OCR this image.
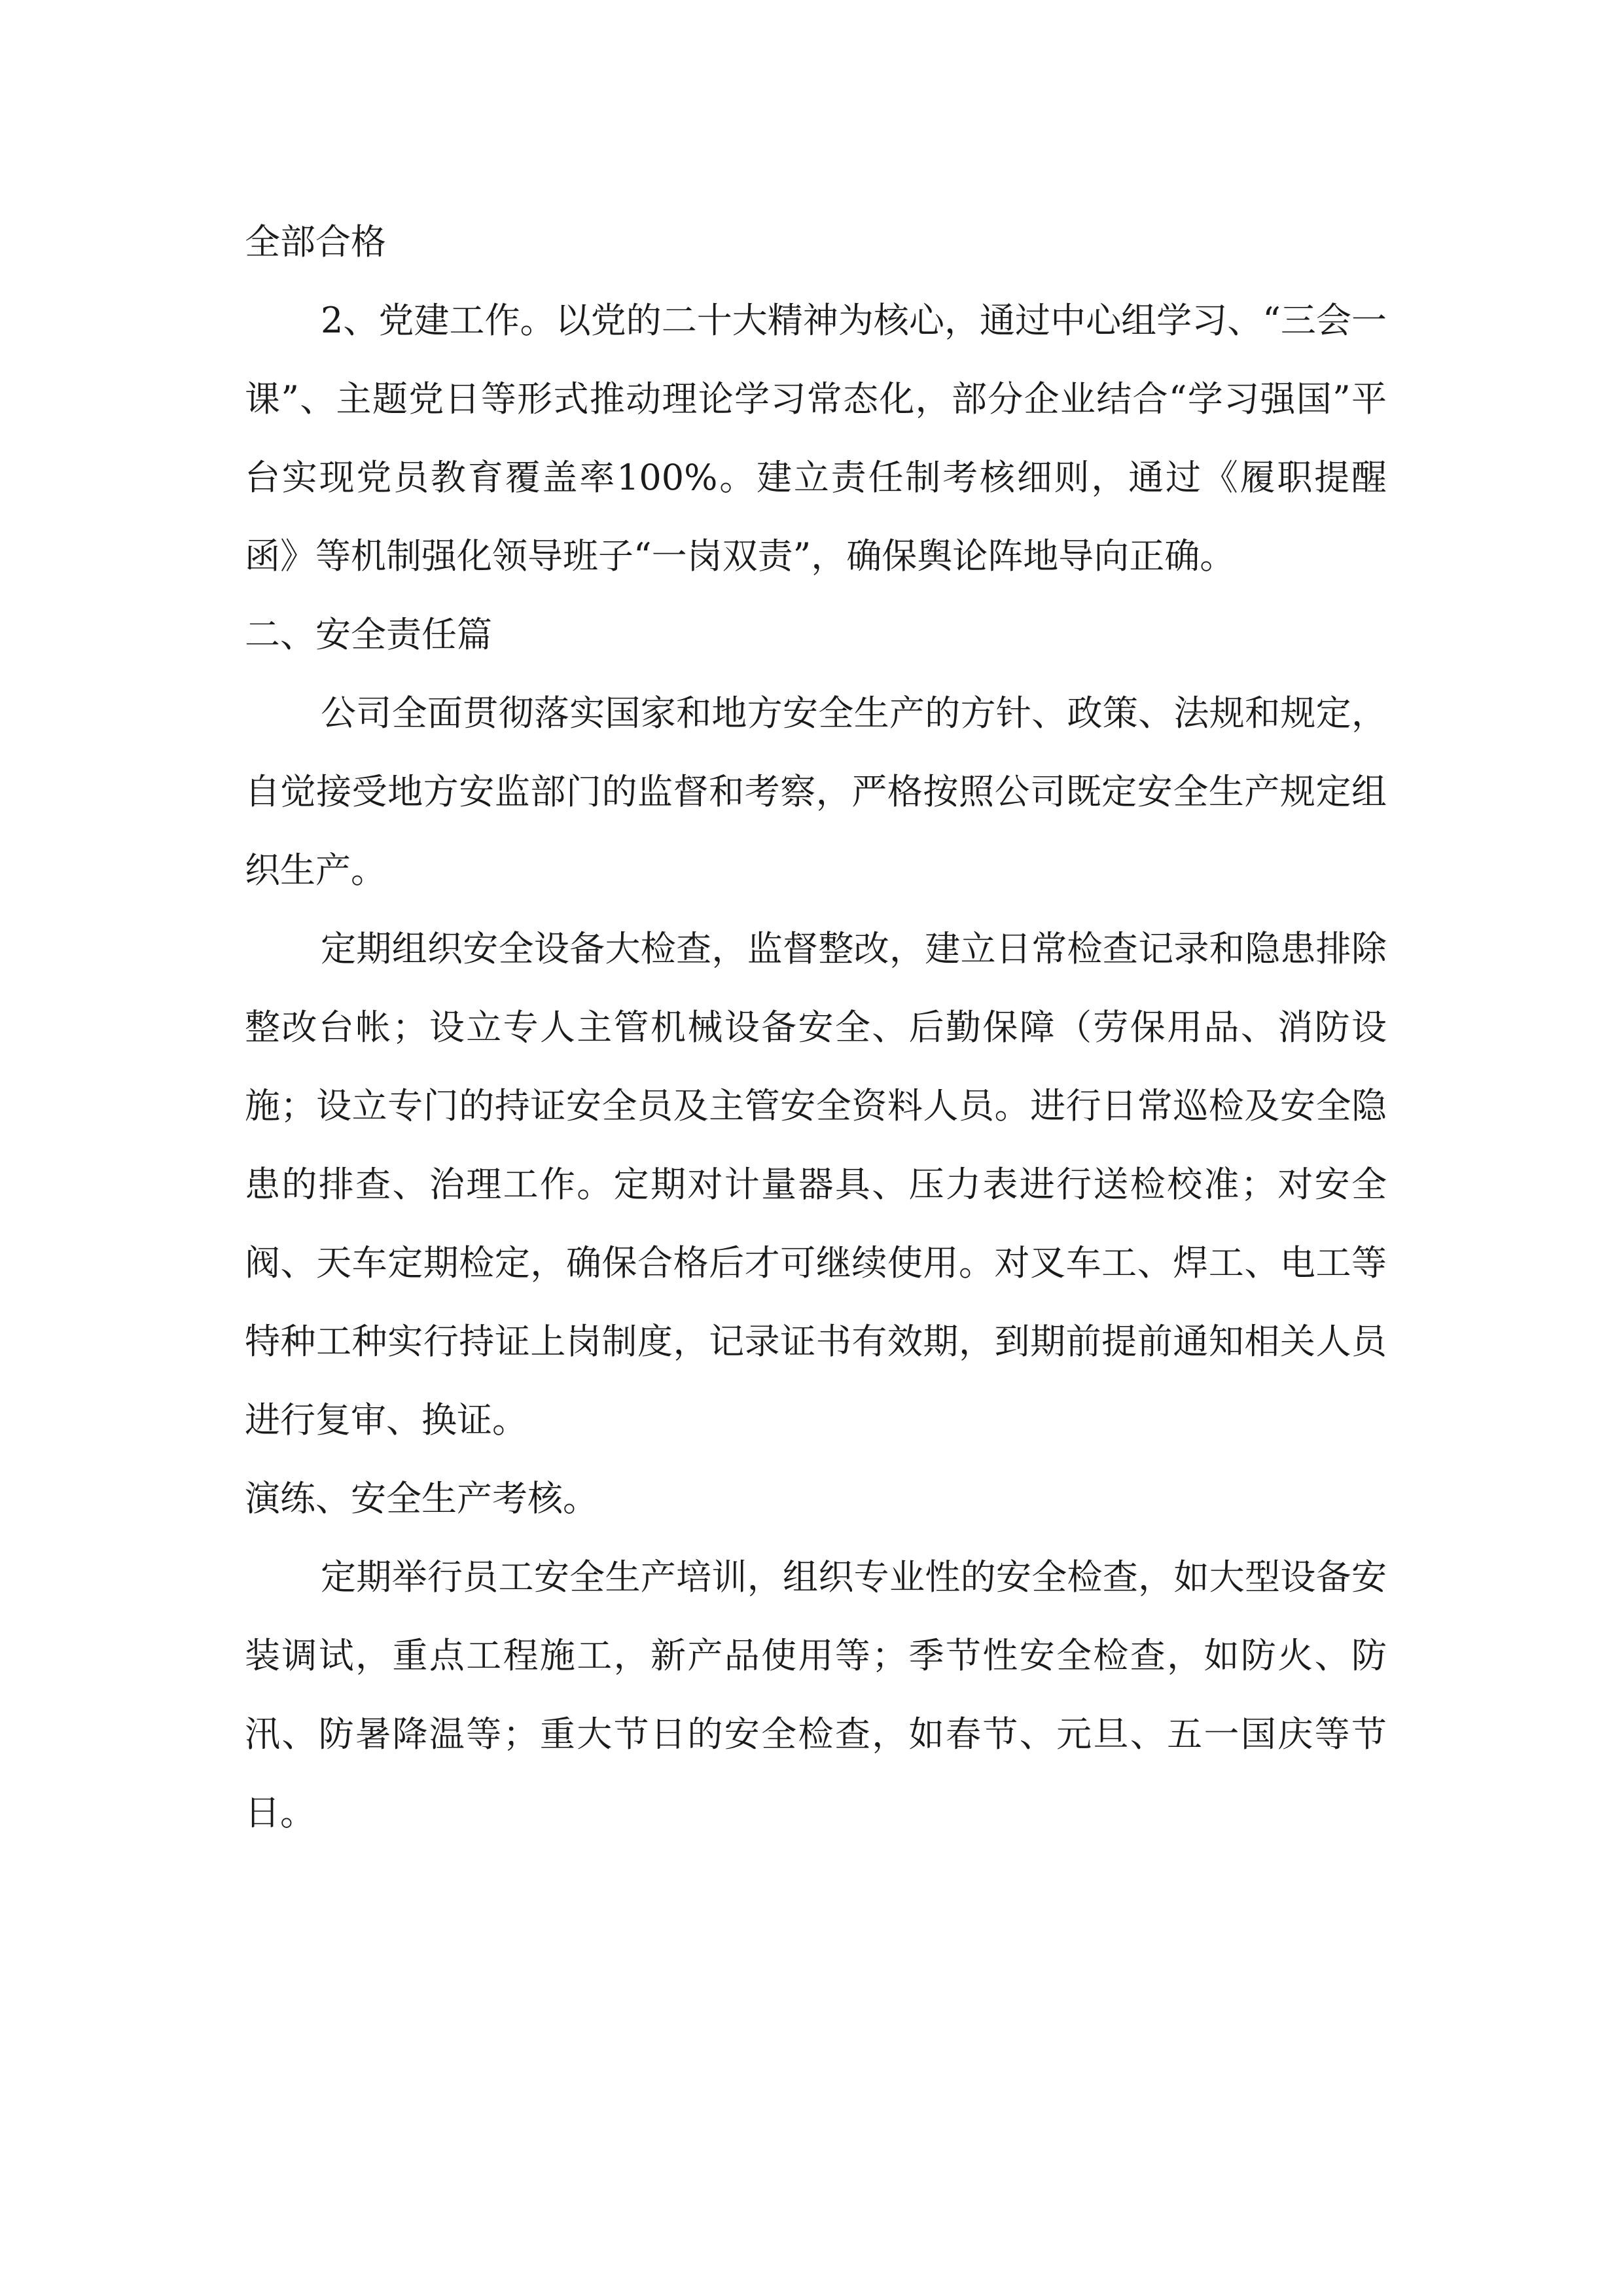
全部合格

2、党建工作。以党的二十大精神为核心，通过中心组学习、“三会一课”、主题党日等形式推动理论学习常态化，部分企业结合“学习强国”平台实现党员教育覆盖率100%。建立责任制考核细则，通过《履职提醒函》等机制强化领导班子“一岗双责”，确保舆论阵地导向正确。

二、安全责任篇

公司全面贯彻落实国家和地方安全生产的方针、政策、法规和规定，自觉接受地方安监部门的监督和考察，严格按照公司既定安全生产规定组织生产。

定期组织安全设备大检查，监督整改，建立日常检查记录和隐患排除整改台帐；设立专人主管机械设备安全、后勤保障（劳保用品、消防设施；设立专门的持证安全员及主管安全资料人员。进行日常巡检及安全隐患的排查、治理工作。定期对计量器具、压力表进行送检校准；对安全阀、天车定期检定，确保合格后才可继续使用。对叉车工、焊工、电工等特种工种实行持证上岗制度，记录证书有效期，到期前提前通知相关人员进行复审、换证。

演练、安全生产考核。

定期举行员工安全生产培训，组织专业性的安全检查，如大型设备安装调试，重点工程施工，新产品使用等；季节性安全检查，如防火、防汛、防暑降温等；重大节日的安全检查，如春节、元旦、五一国庆等节日。
